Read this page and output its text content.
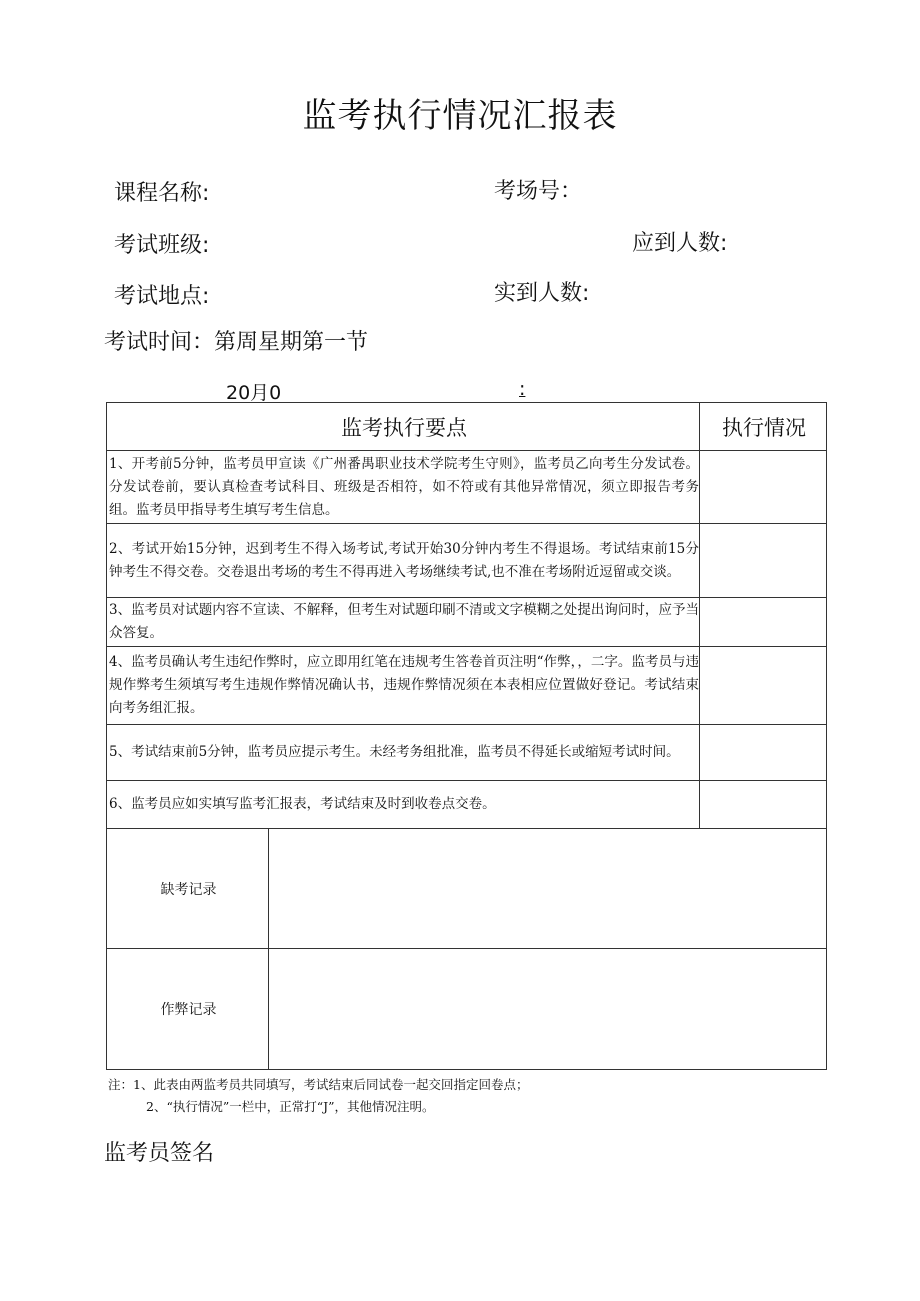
监考执行情况汇报表
课程名称:	考场号：
考试班级:	应到人数:
考试地点:	实到人数:
考试时间：第周星期第一节
20月0	:
监考执行要点		执行情况
1、开考前5分钟，监考员甲宣读《广州番禺职业技术学院考生守则》，监考员乙向考生分发试卷。分发试卷前，要认真检查考试科目、班级是否相符，如不符或有其他异常情况，须立即报告考务组。监考员甲指导考生填写考生信息。		
2、考试开始15分钟，迟到考生不得入场考试,考试开始30分钟内考生不得退场。考试结束前15分钟考生不得交卷。交卷退出考场的考生不得再进入考场继续考试,也不准在考场附近逗留或交谈。		
3、监考员对试题内容不宣读、不解释，但考生对试题印刷不清或文字模糊之处提出询问时，应予当众答复。		
4、监考员确认考生违纪作弊时，应立即用红笔在违规考生答卷首页注明“作弊，，二字。监考员与违规作弊考生须填写考生违规作弊情况确认书，违规作弊情况须在本表相应位置做好登记。考试结束向考务组汇报。		
5、考试结束前5分钟，监考员应提示考生。未经考务组批准，监考员不得延长或缩短考试时间。		
6、监考员应如实填写监考汇报表，考试结束及时到收卷点交卷。		
缺考记录		
作弊记录		
注：1、此表由两监考员共同填写，考试结束后同试卷一起交回指定回卷点；
2、“执行情况”一栏中，正常打“J”，其他情况注明。
监考员签名
